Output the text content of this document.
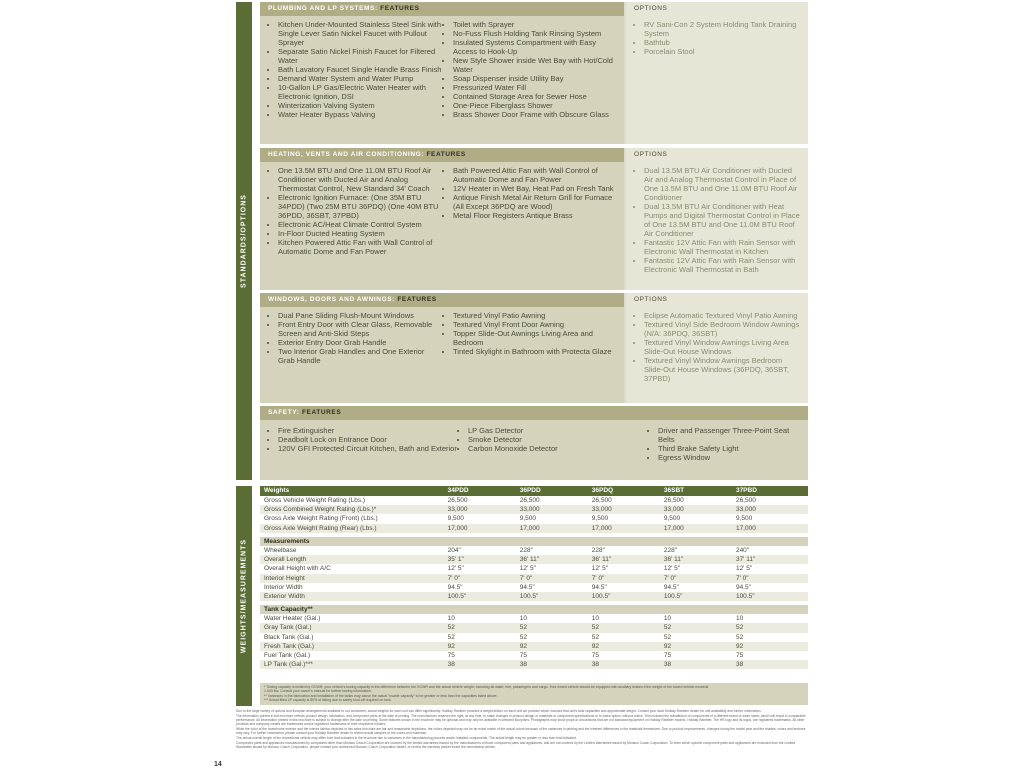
STANDARDS/OPTIONS
WEIGHTS/MEASUREMENTS
PLUMBING AND LP SYSTEMS: FEATURES
• Kitchen Under-Mounted Stainless Steel Sink with Single Lever Satin Nickel Faucet with Pullout Sprayer
• Separate Satin Nickel Finish Faucet for Filtered Water
• Bath Lavatory Faucet Single Handle Brass Finish
• Demand Water System and Water Pump
• 10-Gallon LP Gas/Electric Water Heater with Electronic Ignition, DSI
• Winterization Valving System
• Water Heater Bypass Valving
• Toilet with Sprayer
• No-Fuss Flush Holding Tank Rinsing System
• Insulated Systems Compartment with Easy Access to Hook-Up
• New Style Shower inside Wet Bay with Hot/Cold Water
• Soap Dispenser inside Utility Bay
• Pressurized Water Fill
• Contained Storage Area for Sewer Hose
• One-Piece Fiberglass Shower
• Brass Shower Door Frame with Obscure Glass
OPTIONS
• RV Sani-Con 2 System Holding Tank Draining System
• Bathtub
• Porcelain Stool
HEATING, VENTS AND AIR CONDITIONING: FEATURES
• One 13.5M BTU and One 11.0M BTU Roof Air Conditioner with Ducted Air and Analog Thermostat Control, New Standard 34' Coach
• Electronic Ignition Furnace: (One 35M BTU 34PDD) (Two 25M BTU 36PDQ) (One 40M BTU 36PDD, 36SBT, 37PBD)
• Electronic AC/Heat Climate Control System
• In-Floor Ducted Heating System
• Kitchen Powered Attic Fan with Wall Control of Automatic Dome and Fan Power
• Bath Powered Attic Fan with Wall Control of Automatic Dome and Fan Power
• 12V Heater in Wet Bay, Heat Pad on Fresh Tank
• Antique Finish Metal Air Return Grill for Furnace (All Except 36PDQ are Wood)
• Metal Floor Registers Antique Brass
OPTIONS
• Dual 13.5M BTU Air Conditioner with Ducted Air and Analog Thermostat Control in Place of One 13.5M BTU and One 11.0M BTU Roof Air Conditioner
• Dual 13.5M BTU Air Conditioner with Heat Pumps and Digital Thermostat Control in Place of One 13.5M BTU and One 11.0M BTU Roof Air Conditioner
• Fantastic 12V Attic Fan with Rain Sensor with Electronic Wall Thermostat in Kitchen
• Fantastic 12V Attic Fan with Rain Sensor with Electronic Wall Thermostat in Bath
WINDOWS, DOORS AND AWNINGS: FEATURES
• Dual Pane Sliding Flush-Mount Windows
• Front Entry Door with Clear Glass, Removable Screen and Anti-Skid Steps
• Exterior Entry Door Grab Handle
• Two Interior Grab Handles and One Exterior Grab Handle
• Textured Vinyl Patio Awning
• Textured Vinyl Front Door Awning
• Topper Slide-Out Awnings Living Area and Bedroom
• Tinted Skylight in Bathroom with Protecta Glaze
OPTIONS
• Eclipse Automatic Textured Vinyl Patio Awning
• Textured Vinyl Side Bedroom Window Awnings (N/A: 36PDQ, 36SBT)
• Textured Vinyl Window Awnings Living Area Slide-Out House Windows
• Textured Vinyl Window Awnings Bedroom Slide-Out House Windows (36PDQ, 36SBT, 37PBD)
SAFETY: FEATURES
• Fire Extinguisher
• Deadbolt Lock on Entrance Door
• 120V GFI Protected Circuit Kitchen, Bath and Exterior
• LP Gas Detector
• Smoke Detector
• Carbon Monoxide Detector
• Driver and Passenger Three-Point Seat Belts
• Third Brake Safety Light
• Egress Window
Weights	34PDD	36PDD	36PDQ	36SBT	37PBD
Gross Vehicle Weight Rating (Lbs.)	26,500	26,500	26,500	26,500	26,500
Gross Combined Weight Rating (Lbs.)*	33,000	33,000	33,000	33,000	33,000
Gross Axle Weight Rating (Front) (Lbs.)	9,500	9,500	9,500	9,500	9,500
Gross Axle Weight Rating (Rear) (Lbs.)	17,000	17,000	17,000	17,000	17,000
Measurements
Wheelbase	204"	228"	228"	228"	240"
Overall Length	35' 1"	36' 11"	36' 11"	36' 11"	37' 11"
Overall Height with A/C	12' 5"	12' 5"	12' 5"	12' 5"	12' 5"
Interior Height	7' 0"	7' 0"	7' 0"	7' 0"	7' 0"
Interior Width	94.5"	94.5"	94.5"	94.5"	94.5"
Exterior Width	100.5"	100.5"	100.5"	100.5"	100.5"
Tank Capacity**
Water Heater (Gal.)	10	10	10	10	10
Gray Tank (Gal.)	52	52	52	52	52
Black Tank (Gal.)	52	52	52	52	52
Fresh Tank (Gal.)	92	92	92	92	92
Fuel Tank (Gal.)	75	75	75	75	75
LP Tank (Gal.)***	38	38	38	38	38
* Towing capacity is limited by GCWR; your vehicle's towing capacity is the difference between the GCWR and the actual vehicle weight, including all water, fuel, passengers and cargo. Your towed vehicle should be equipped with auxiliary brakes if the weight of the towed vehicle exceeds
1,000 lbs. Consult your owner's manual for further towing information.
** Variances in the fabrication and installation of the tanks may cause the actual "usable capacity" to be greater or less than the capacities listed above.
*** Actual filled LP capacity is 80% of listing due to safety shut-off required on tank.

Due to the large variety of options and floorplan arrangements available to our customers, actual weights for each unit can differ significantly. Holiday Rambler provides a weight sticker on each unit we produce which includes that unit's tank capacities and approximate weight. Consult your local Holiday Rambler dealer for unit availability and further information.

The information printed in this brochure reflects product design, fabrication, and component parts at the date of printing. The manufacturer reserves the right, at any time, to make changes in product design or materials or component specifications or to make option, without notice. This includes the substitution of components of a different brand or trade name, which will result in comparable performance. All information printed in this brochure is subject to change after the date of printing. Some features shown in the brochure may be optional and may only be available in selected floorplans. Photographs may show props or decorations that are not standard equipment on Holiday Rambler models. Holiday Rambler, The HR logo and its logos, are registered trademarks. All other products and company names are trademarks and/or registered trademarks of their respective holders.

While the color of the motorhome exterior and the interior fabrics depicted in this sales brochure are fair and reasonable depictions, the colors depicted may not be an exact match of the actual colors because of the variances in printing and the inherent differences in the materials themselves. Due to product improvements, changes during the model year and the shades, colors and textures may vary. For further information, please contact your Holiday Rambler dealer to review actual samples of the colors and materials.

The actual overall length of the recreational vehicle may differ from that indicated in the brochure due to variances in the manufacturing process and/or installed components. The actual length may be greater or less than that indicated.

Component parts and appliances manufactured by companies other than Monaco Coach Corporation are covered by the limited warranties issued by the manufacturers of those component parts and appliances, and are not covered by the Limited Warranties issued by Monaco Coach Corporation. To learn which specific component parts and appliances are excluded from the Limited Warranties issued by Monaco Coach Corporation, please contact your authorized Monaco Coach Corporation dealer, or review the warranty packet inside the recreational vehicle.

14
